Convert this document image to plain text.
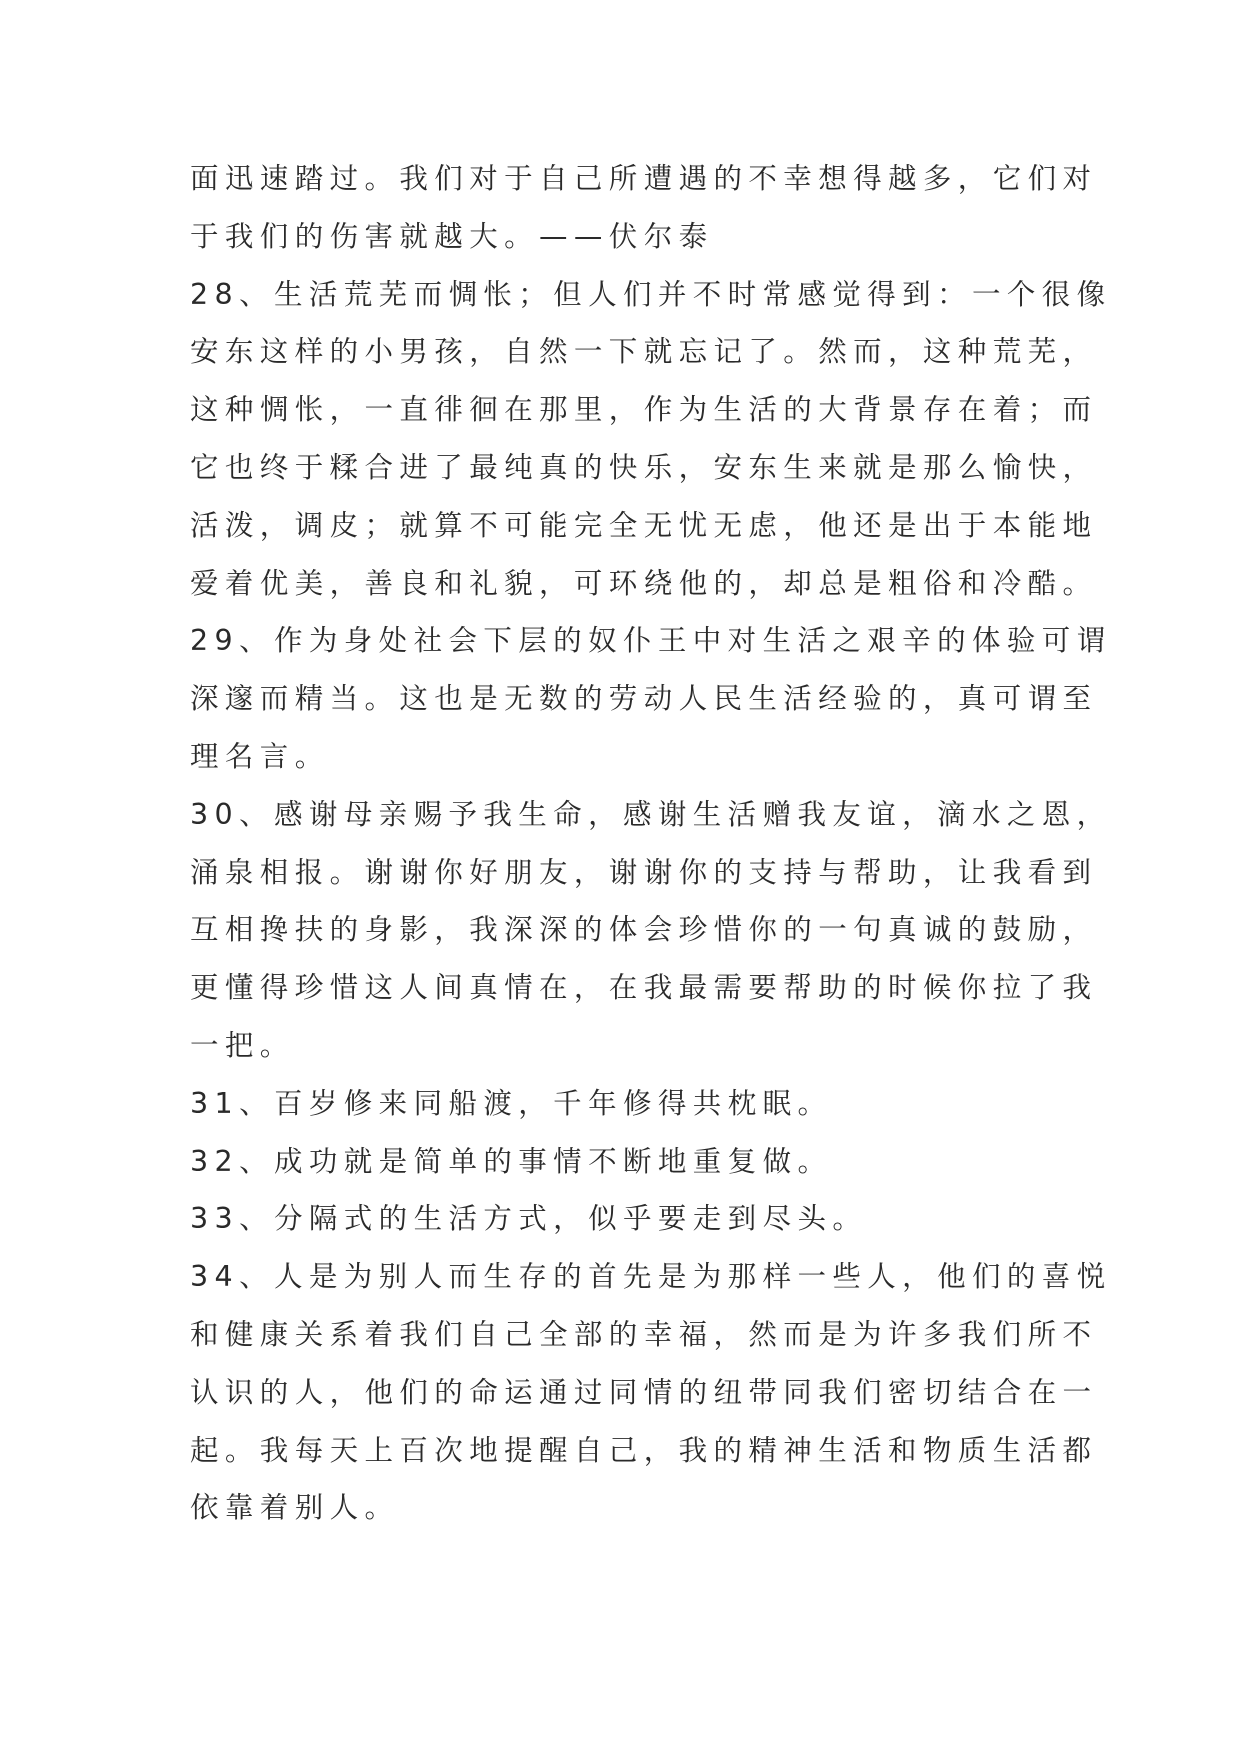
面迅速踏过。我们对于自己所遭遇的不幸想得越多，它们对
于我们的伤害就越大。——伏尔泰
28、生活荒芜而惆怅；但人们并不时常感觉得到：一个很像
安东这样的小男孩，自然一下就忘记了。然而，这种荒芜，
这种惆怅，一直徘徊在那里，作为生活的大背景存在着；而
它也终于糅合进了最纯真的快乐，安东生来就是那么愉快，
活泼，调皮；就算不可能完全无忧无虑，他还是出于本能地
爱着优美，善良和礼貌，可环绕他的，却总是粗俗和冷酷。
29、作为身处社会下层的奴仆王中对生活之艰辛的体验可谓
深邃而精当。这也是无数的劳动人民生活经验的，真可谓至
理名言。
30、感谢母亲赐予我生命，感谢生活赠我友谊，滴水之恩，
涌泉相报。谢谢你好朋友，谢谢你的支持与帮助，让我看到
互相搀扶的身影，我深深的体会珍惜你的一句真诚的鼓励，
更懂得珍惜这人间真情在，在我最需要帮助的时候你拉了我
一把。
31、百岁修来同船渡，千年修得共枕眠。
32、成功就是简单的事情不断地重复做。
33、分隔式的生活方式，似乎要走到尽头。
34、人是为别人而生存的首先是为那样一些人，他们的喜悦
和健康关系着我们自己全部的幸福，然而是为许多我们所不
认识的人，他们的命运通过同情的纽带同我们密切结合在一
起。我每天上百次地提醒自己，我的精神生活和物质生活都
依靠着别人。
